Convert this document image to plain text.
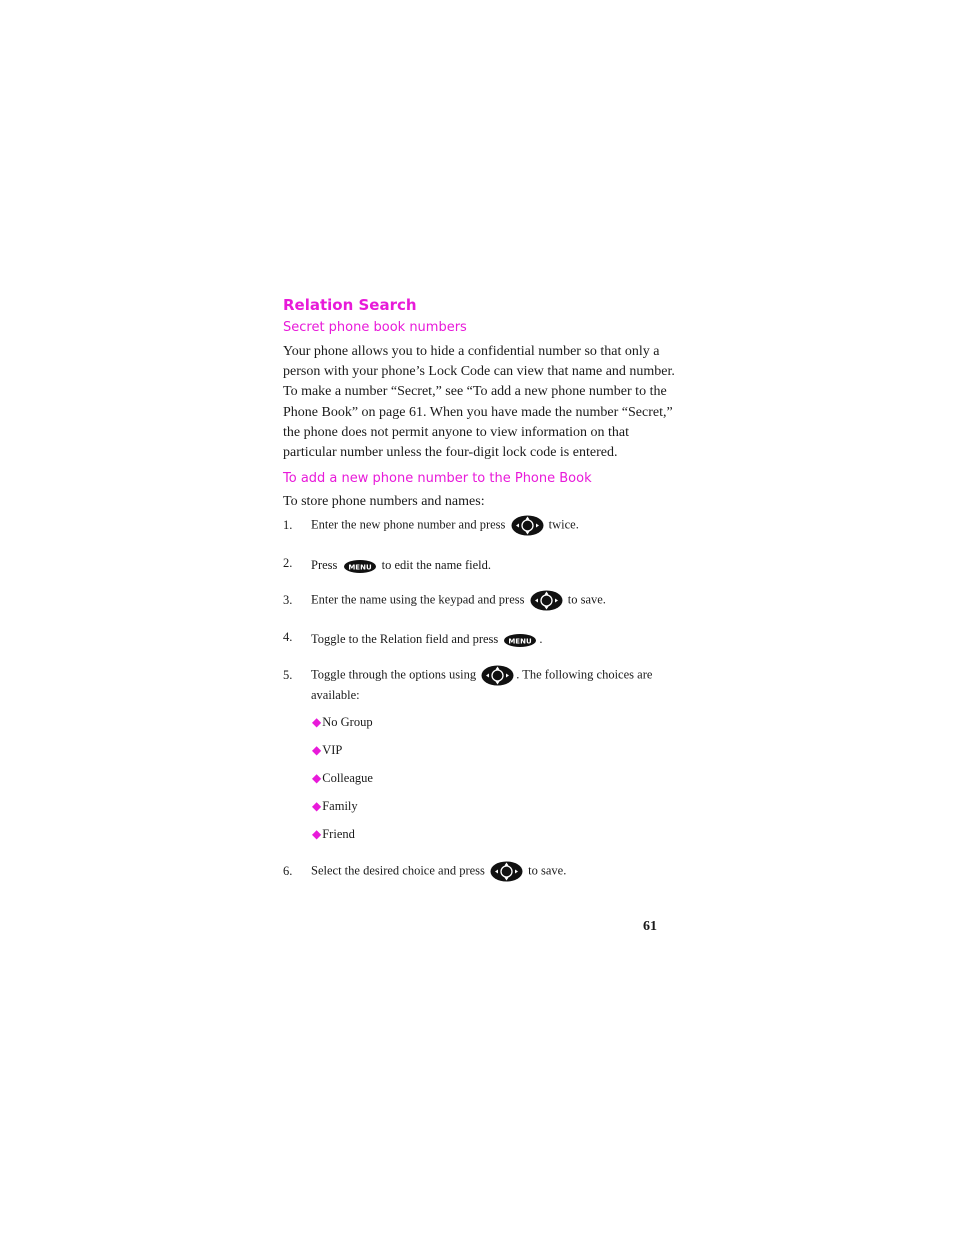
Relation Search
Secret phone book numbers
Your phone allows you to hide a confidential number so that only a
person with your phone’s Lock Code can view that name and number.
To make a number “Secret,” see “To add a new phone number to the
Phone Book” on page 61. When you have made the number “Secret,”
the phone does not permit anyone to view information on that
particular number unless the four-digit lock code is entered.
To add a new phone number to the Phone Book
To store phone numbers and names:
1. Enter the new phone number and press	twice.
2. Press MENU to edit the name field.
3. Enter the name using the keypad and press	to save.
4. Toggle to the Relation field and press MENU .
5. Toggle through the options using	. The following choices are
available:
◆No Group
◆VIP
◆Colleague
◆Family
◆Friend
6. Select the desired choice and press	to save.
61
